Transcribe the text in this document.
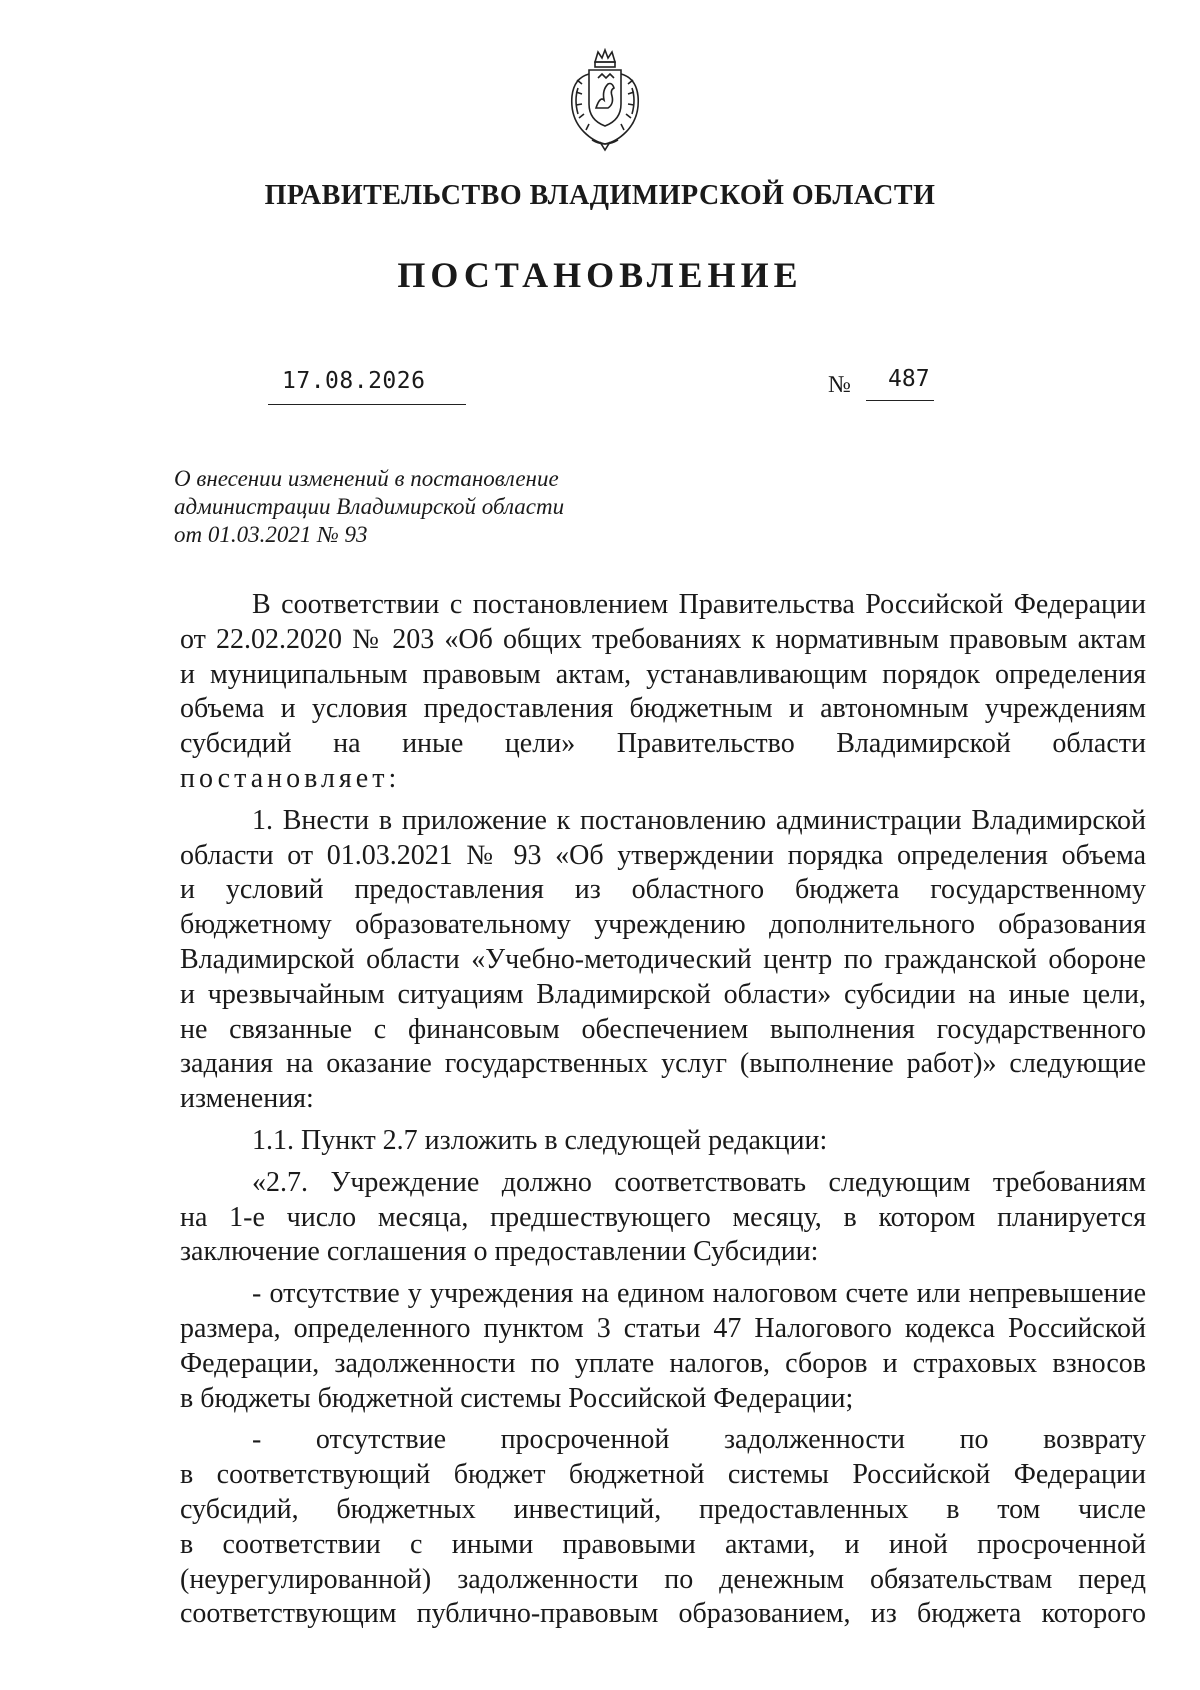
ПРАВИТЕЛЬСТВО ВЛАДИМИРСКОЙ ОБЛАСТИ
ПОСТАНОВЛЕНИЕ
17.08.2026	№ 487
О внесении изменений в постановление
администрации Владимирской области
от 01.03.2021 № 93
В соответствии с постановлением Правительства Российской Федерации
от 22.02.2020 № 203 «Об общих требованиях к нормативным правовым актам
и муниципальным правовым актам, устанавливающим порядок определения
объема и условия предоставления бюджетным и автономным учреждениям
субсидий на иные цели» Правительство Владимирской области
постановляет:
1. Внести в приложение к постановлению администрации Владимирской
области от 01.03.2021 № 93 «Об утверждении порядка определения объема
и условий предоставления из областного бюджета государственному
бюджетному образовательному учреждению дополнительного образования
Владимирской области «Учебно-методический центр по гражданской обороне
и чрезвычайным ситуациям Владимирской области» субсидии на иные цели,
не связанные с финансовым обеспечением выполнения государственного
задания на оказание государственных услуг (выполнение работ)» следующие
изменения:
1.1. Пункт 2.7 изложить в следующей редакции:
«2.7. Учреждение должно соответствовать следующим требованиям
на 1-е число месяца, предшествующего месяцу, в котором планируется
заключение соглашения о предоставлении Субсидии:
- отсутствие у учреждения на едином налоговом счете или непревышение
размера, определенного пунктом 3 статьи 47 Налогового кодекса Российской
Федерации, задолженности по уплате налогов, сборов и страховых взносов
в бюджеты бюджетной системы Российской Федерации;
- отсутствие просроченной задолженности по возврату
в соответствующий бюджет бюджетной системы Российской Федерации
субсидий, бюджетных инвестиций, предоставленных в том числе
в соответствии с иными правовыми актами, и иной просроченной
(неурегулированной) задолженности по денежным обязательствам перед
соответствующим публично-правовым образованием, из бюджета которого
